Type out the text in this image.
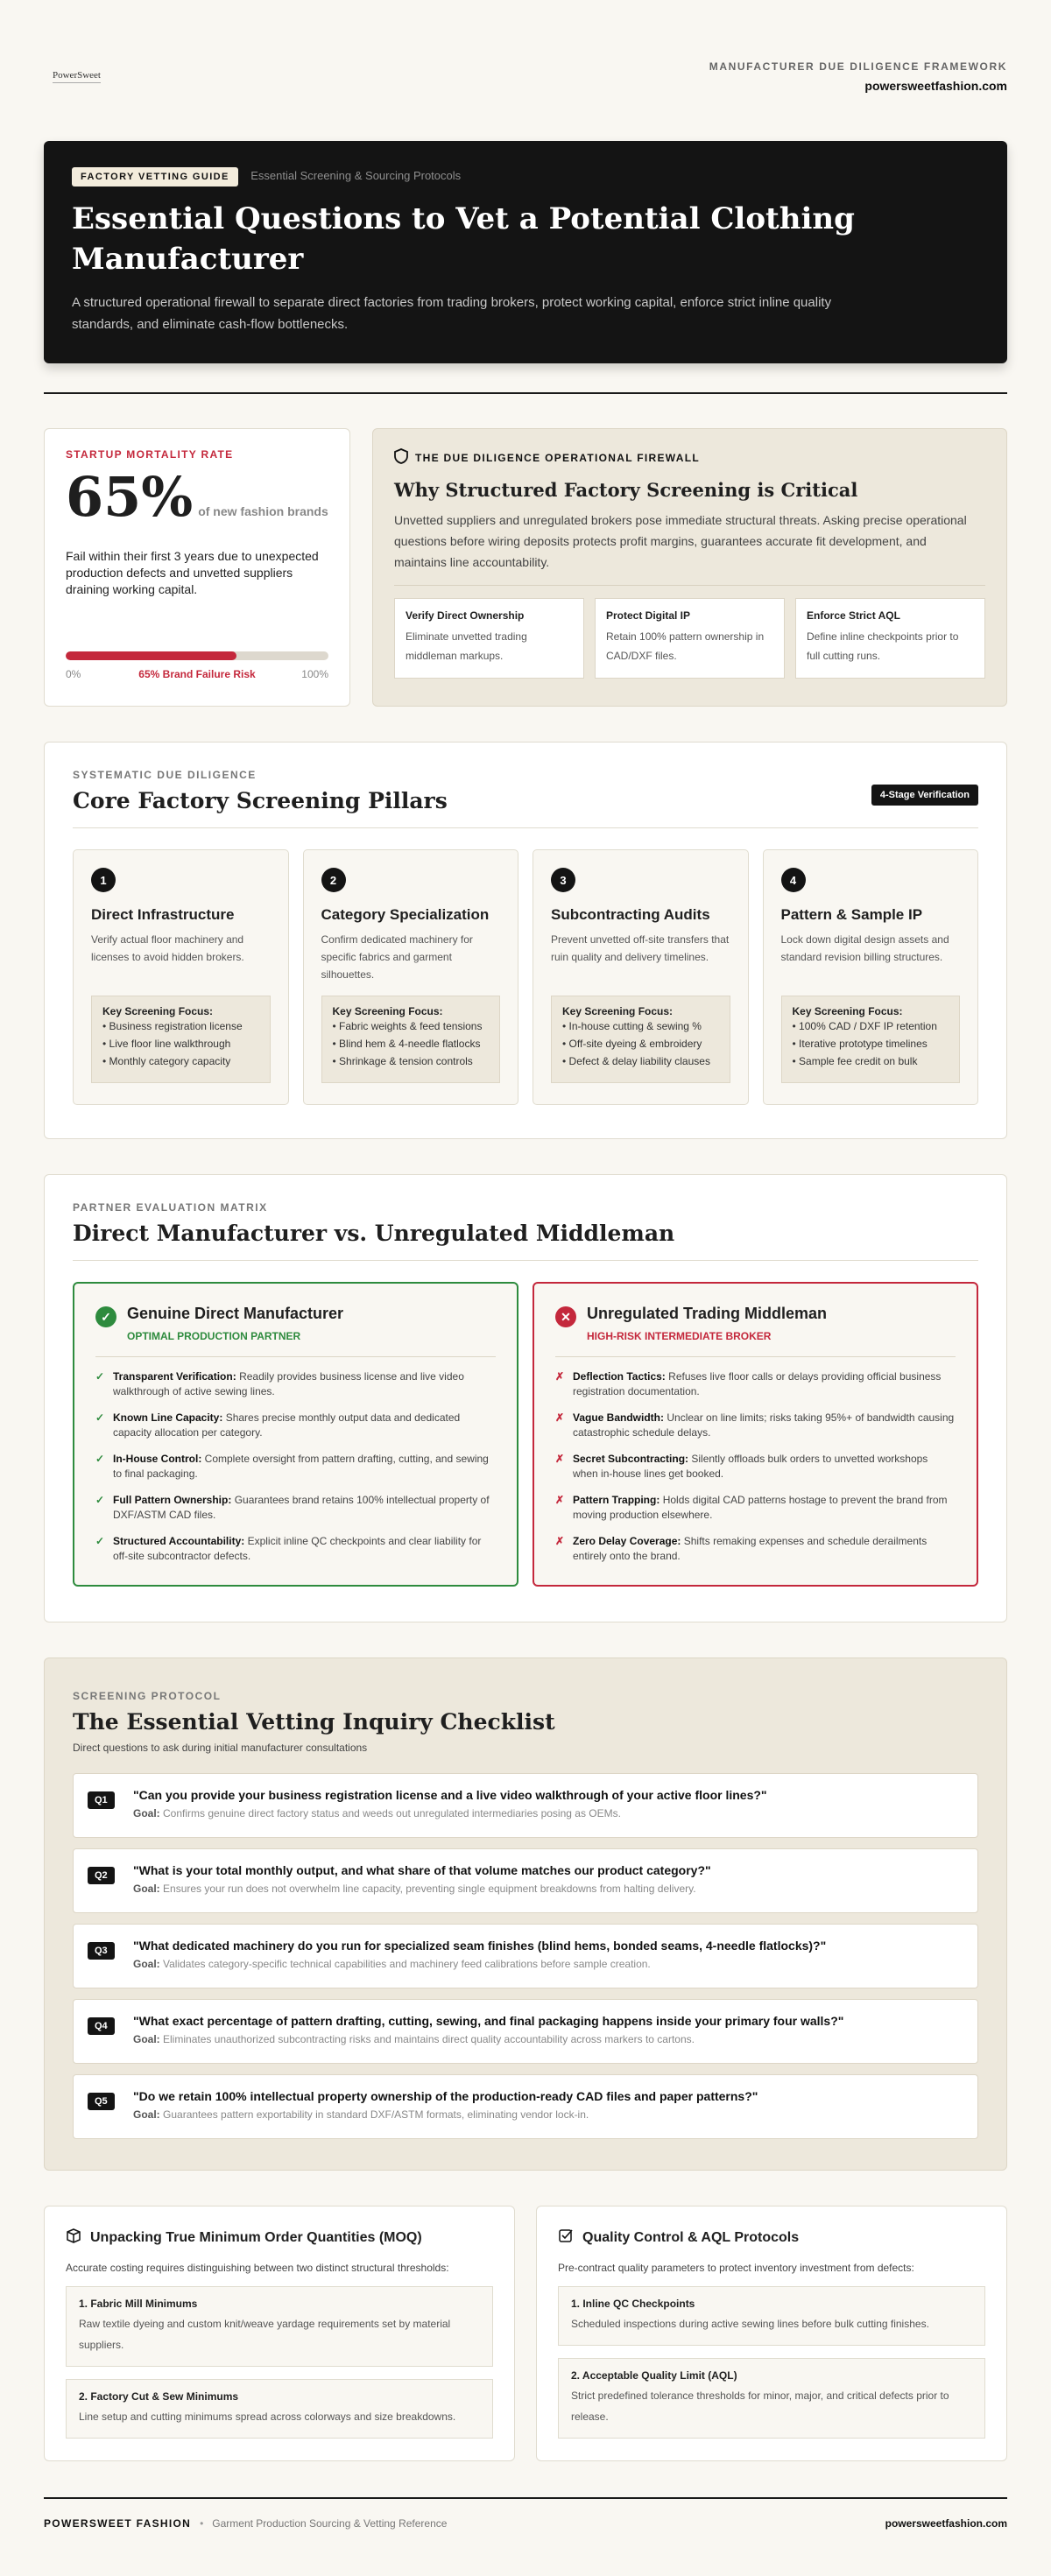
PowerSweet
MANUFACTURER DUE DILIGENCE FRAMEWORK
powersweetfashion.com
FACTORY VETTING GUIDE Essential Screening & Sourcing Protocols
Essential Questions to Vet a Potential Clothing Manufacturer

A structured operational firewall to separate direct factories from trading brokers, protect working capital, enforce strict inline quality standards, and eliminate cash-flow bottlenecks.

STARTUP MORTALITY RATE
65% of new fashion brands
Fail within their first 3 years due to unexpected production defects and unvetted suppliers draining working capital.
0%	65% Brand Failure Risk	100%
THE DUE DILIGENCE OPERATIONAL FIREWALL
Why Structured Factory Screening is Critical

Unvetted suppliers and unregulated brokers pose immediate structural threats. Asking precise operational questions before wiring deposits protects profit margins, guarantees accurate fit development, and maintains line accountability.

Verify Direct Ownership
Eliminate unvetted trading middleman markups.
Protect Digital IP
Retain 100% pattern ownership in CAD/DXF files.
Enforce Strict AQL
Define inline checkpoints prior to full cutting runs.
SYSTEMATIC DUE DILIGENCE
Core Factory Screening Pillars	4-Stage Verification
1
Direct Infrastructure
Verify actual floor machinery and licenses to avoid hidden brokers.
Key Screening Focus:
• Business registration license
• Live floor line walkthrough
• Monthly category capacity
2
Category Specialization
Confirm dedicated machinery for specific fabrics and garment silhouettes.
Key Screening Focus:
• Fabric weights & feed tensions
• Blind hem & 4-needle flatlocks
• Shrinkage & tension controls
3
Subcontracting Audits
Prevent unvetted off-site transfers that ruin quality and delivery timelines.
Key Screening Focus:
• In-house cutting & sewing %
• Off-site dyeing & embroidery
• Defect & delay liability clauses
4
Pattern & Sample IP
Lock down digital design assets and standard revision billing structures.
Key Screening Focus:
• 100% CAD / DXF IP retention
• Iterative prototype timelines
• Sample fee credit on bulk
PARTNER EVALUATION MATRIX
Direct Manufacturer vs. Unregulated Middleman
✓	Genuine Direct Manufacturer
OPTIMAL PRODUCTION PARTNER
✓ Transparent Verification: Readily provides business license and live video walkthrough of active sewing lines.
✓ Known Line Capacity: Shares precise monthly output data and dedicated capacity allocation per category.
✓ In-House Control: Complete oversight from pattern drafting, cutting, and sewing to final packaging.
✓ Full Pattern Ownership: Guarantees brand retains 100% intellectual property of DXF/ASTM CAD files.
✓ Structured Accountability: Explicit inline QC checkpoints and clear liability for off-site subcontractor defects.
✕	Unregulated Trading Middleman
HIGH-RISK INTERMEDIATE BROKER
✗ Deflection Tactics: Refuses live floor calls or delays providing official business registration documentation.
✗ Vague Bandwidth: Unclear on line limits; risks taking 95%+ of bandwidth causing catastrophic schedule delays.
✗ Secret Subcontracting: Silently offloads bulk orders to unvetted workshops when in-house lines get booked.
✗ Pattern Trapping: Holds digital CAD patterns hostage to prevent the brand from moving production elsewhere.
✗ Zero Delay Coverage: Shifts remaking expenses and schedule derailments entirely onto the brand.
SCREENING PROTOCOL
The Essential Vetting Inquiry Checklist
Direct questions to ask during initial manufacturer consultations
Q1	"Can you provide your business registration license and a live video walkthrough of your active floor lines?"
Goal: Confirms genuine direct factory status and weeds out unregulated intermediaries posing as OEMs.
Q2	"What is your total monthly output, and what share of that volume matches our product category?"
Goal: Ensures your run does not overwhelm line capacity, preventing single equipment breakdowns from halting delivery.
Q3	"What dedicated machinery do you run for specialized seam finishes (blind hems, bonded seams, 4-needle flatlocks)?"
Goal: Validates category-specific technical capabilities and machinery feed calibrations before sample creation.
Q4	"What exact percentage of pattern drafting, cutting, sewing, and final packaging happens inside your primary four walls?"
Goal: Eliminates unauthorized subcontracting risks and maintains direct quality accountability across markers to cartons.
Q5	"Do we retain 100% intellectual property ownership of the production-ready CAD files and paper patterns?"
Goal: Guarantees pattern exportability in standard DXF/ASTM formats, eliminating vendor lock-in.
Unpacking True Minimum Order Quantities (MOQ)
Accurate costing requires distinguishing between two distinct structural thresholds:
1. Fabric Mill Minimums
Raw textile dyeing and custom knit/weave yardage requirements set by material suppliers.
2. Factory Cut & Sew Minimums
Line setup and cutting minimums spread across colorways and size breakdowns.
Quality Control & AQL Protocols
Pre-contract quality parameters to protect inventory investment from defects:
1. Inline QC Checkpoints
Scheduled inspections during active sewing lines before bulk cutting finishes.
2. Acceptable Quality Limit (AQL)
Strict predefined tolerance thresholds for minor, major, and critical defects prior to release.
POWERSWEET FASHION • Garment Production Sourcing & Vetting Reference	powersweetfashion.com
